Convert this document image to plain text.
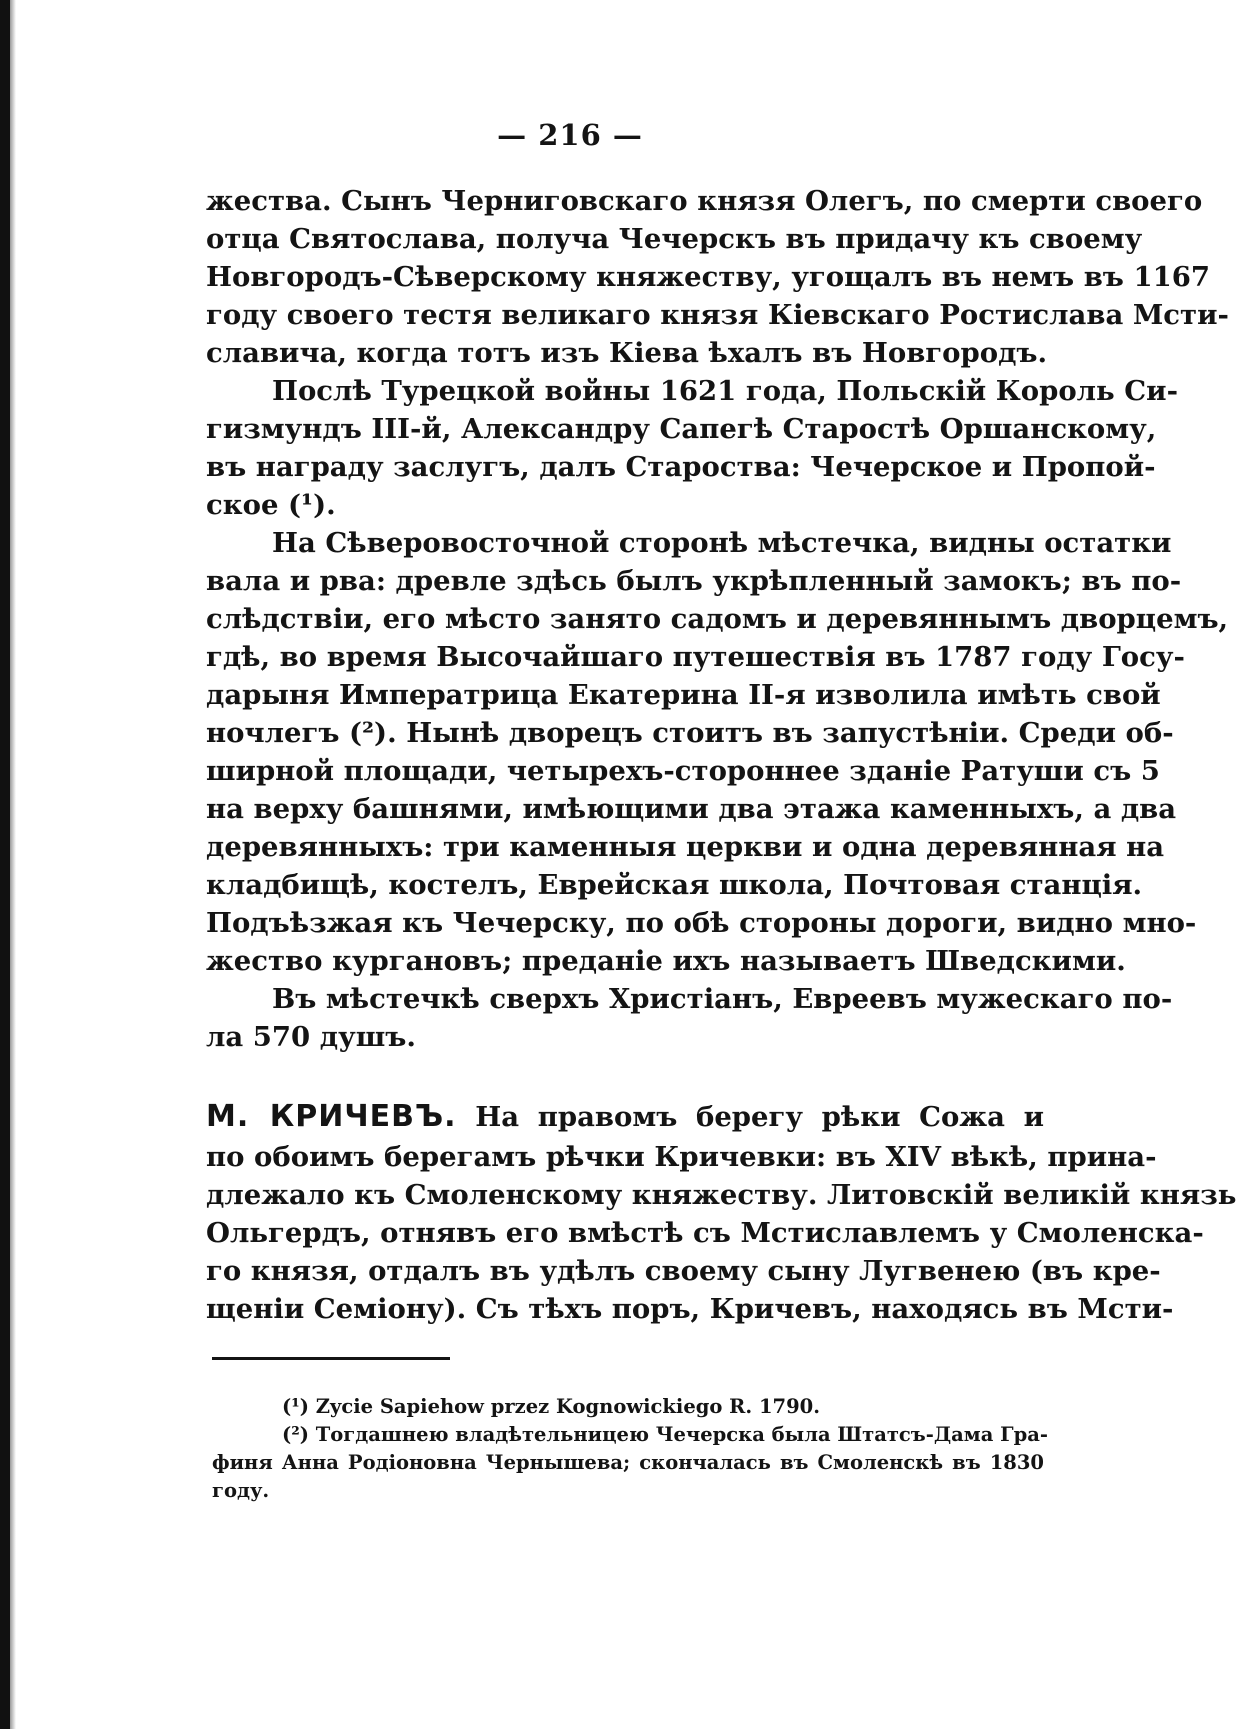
— 216 —
жества. Сынъ Черниговскаго князя Олегъ, по смерти своего
отца Святослава, получа Чечерскъ въ придачу къ своему
Новгородъ-Сѣверскому княжеству, угощалъ въ немъ въ 1167
году своего тестя великаго князя Кіевскаго Ростислава Мсти-
славича, когда тотъ изъ Кіева ѣхалъ въ Новгородъ.
Послѣ Турецкой войны 1621 года, Польскій Король Си-
гизмундъ III-й, Александру Сапегѣ Старостѣ Оршанскому,
въ награду заслугъ, далъ Староства: Чечерское и Пропой-
ское (¹).
На Сѣверовосточной сторонѣ мѣстечка, видны остатки
вала и рва: древле здѣсь былъ укрѣпленный замокъ; въ по-
слѣдствіи, его мѣсто занято садомъ и деревяннымъ дворцемъ,
гдѣ, во время Высочайшаго путешествія въ 1787 году Госу-
дарыня Императрица Екатерина II-я изволила имѣть свой
ночлегъ (²). Нынѣ дворецъ стоитъ въ запустѣніи. Среди об-
ширной площади, четырехъ-стороннее зданіе Ратуши съ 5
на верху башнями, имѣющими два этажа каменныхъ, а два
деревянныхъ: три каменныя церкви и одна деревянная на
кладбищѣ, костелъ, Еврейская школа, Почтовая станція.
Подъѣзжая къ Чечерску, по обѣ стороны дороги, видно мно-
жество кургановъ; преданіе ихъ называетъ Шведскими.
Въ мѣстечкѣ сверхъ Христіанъ, Евреевъ мужескаго по-
ла 570 душъ.
М. КРИЧЕВЪ. На правомъ берегу рѣки Сожа и
по обоимъ берегамъ рѣчки Кричевки: въ XIV вѣкѣ, прина-
длежало къ Смоленскому княжеству. Литовскій великій князь
Ольгердъ, отнявъ его вмѣстѣ съ Мстиславлемъ у Смоленска-
го князя, отдалъ въ удѣлъ своему сыну Лугвенею (въ кре-
щеніи Семіону). Съ тѣхъ поръ, Кричевъ, находясь въ Мсти-
(¹) Zycie Sapiehow przez Kognowickiego R. 1790.
(²) Тогдашнею владѣтельницею Чечерска была Штатсъ-Дама Гра-
финя Анна Родіоновна Чернышева; скончалась въ Смоленскѣ въ 1830
году.
